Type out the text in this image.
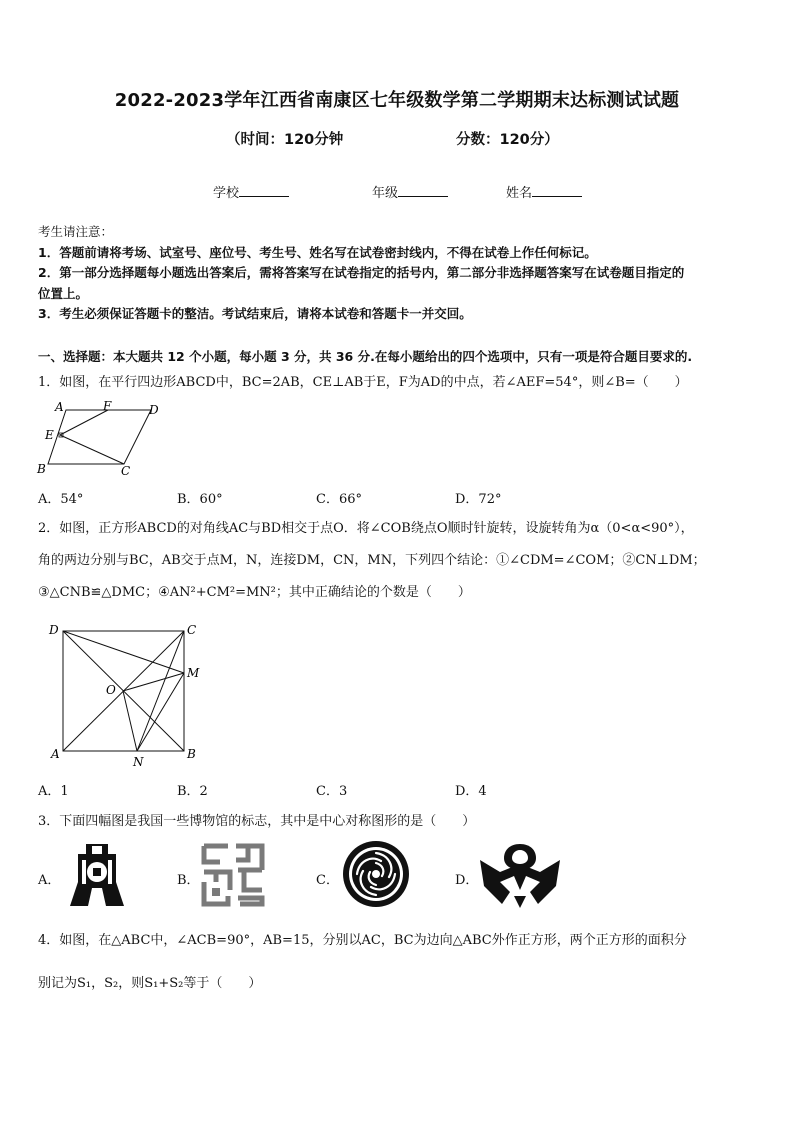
2022-2023学年江西省南康区七年级数学第二学期期末达标测试试题
（时间：120分钟	分数：120分）
学校	年级	姓名
考生请注意：
1．答题前请将考场、试室号、座位号、考生号、姓名写在试卷密封线内，不得在试卷上作任何标记。
2．第一部分选择题每小题选出答案后，需将答案写在试卷指定的括号内，第二部分非选择题答案写在试卷题目指定的
位置上。
3．考生必须保证答题卡的整洁。考试结束后，请将本试卷和答题卡一并交回。
一、选择题：本大题共 12 个小题，每小题 3 分，共 36 分.在每小题给出的四个选项中，只有一项是符合题目要求的.
1．如图，在平行四边形ABCD中，BC=2AB，CE⊥AB于E，F为AD的中点，若∠AEF=54°，则∠B=（　　）
A	F	D
E
B	C
A．54°	B．60°	C．66°	D．72°
2．如图，正方形ABCD的对角线AC与BD相交于点O．将∠COB绕点O顺时针旋转，设旋转角为α（0<α<90°），
角的两边分别与BC，AB交于点M，N，连接DM，CN，MN，下列四个结论：①∠CDM=∠COM；②CN⊥DM；
③△CNB≌△DMC；④AN²+CM²=MN²；其中正确结论的个数是（　　）
D	C
M
O
A
N
B
A．1	B．2	C．3	D．4
3．下面四幅图是我国一些博物馆的标志，其中是中心对称图形的是（　　）
A．	B．	C．	D．
4．如图，在△ABC中，∠ACB=90°，AB=15，分别以AC，BC为边向△ABC外作正方形，两个正方形的面积分
别记为S₁，S₂，则S₁+S₂等于（　　）
